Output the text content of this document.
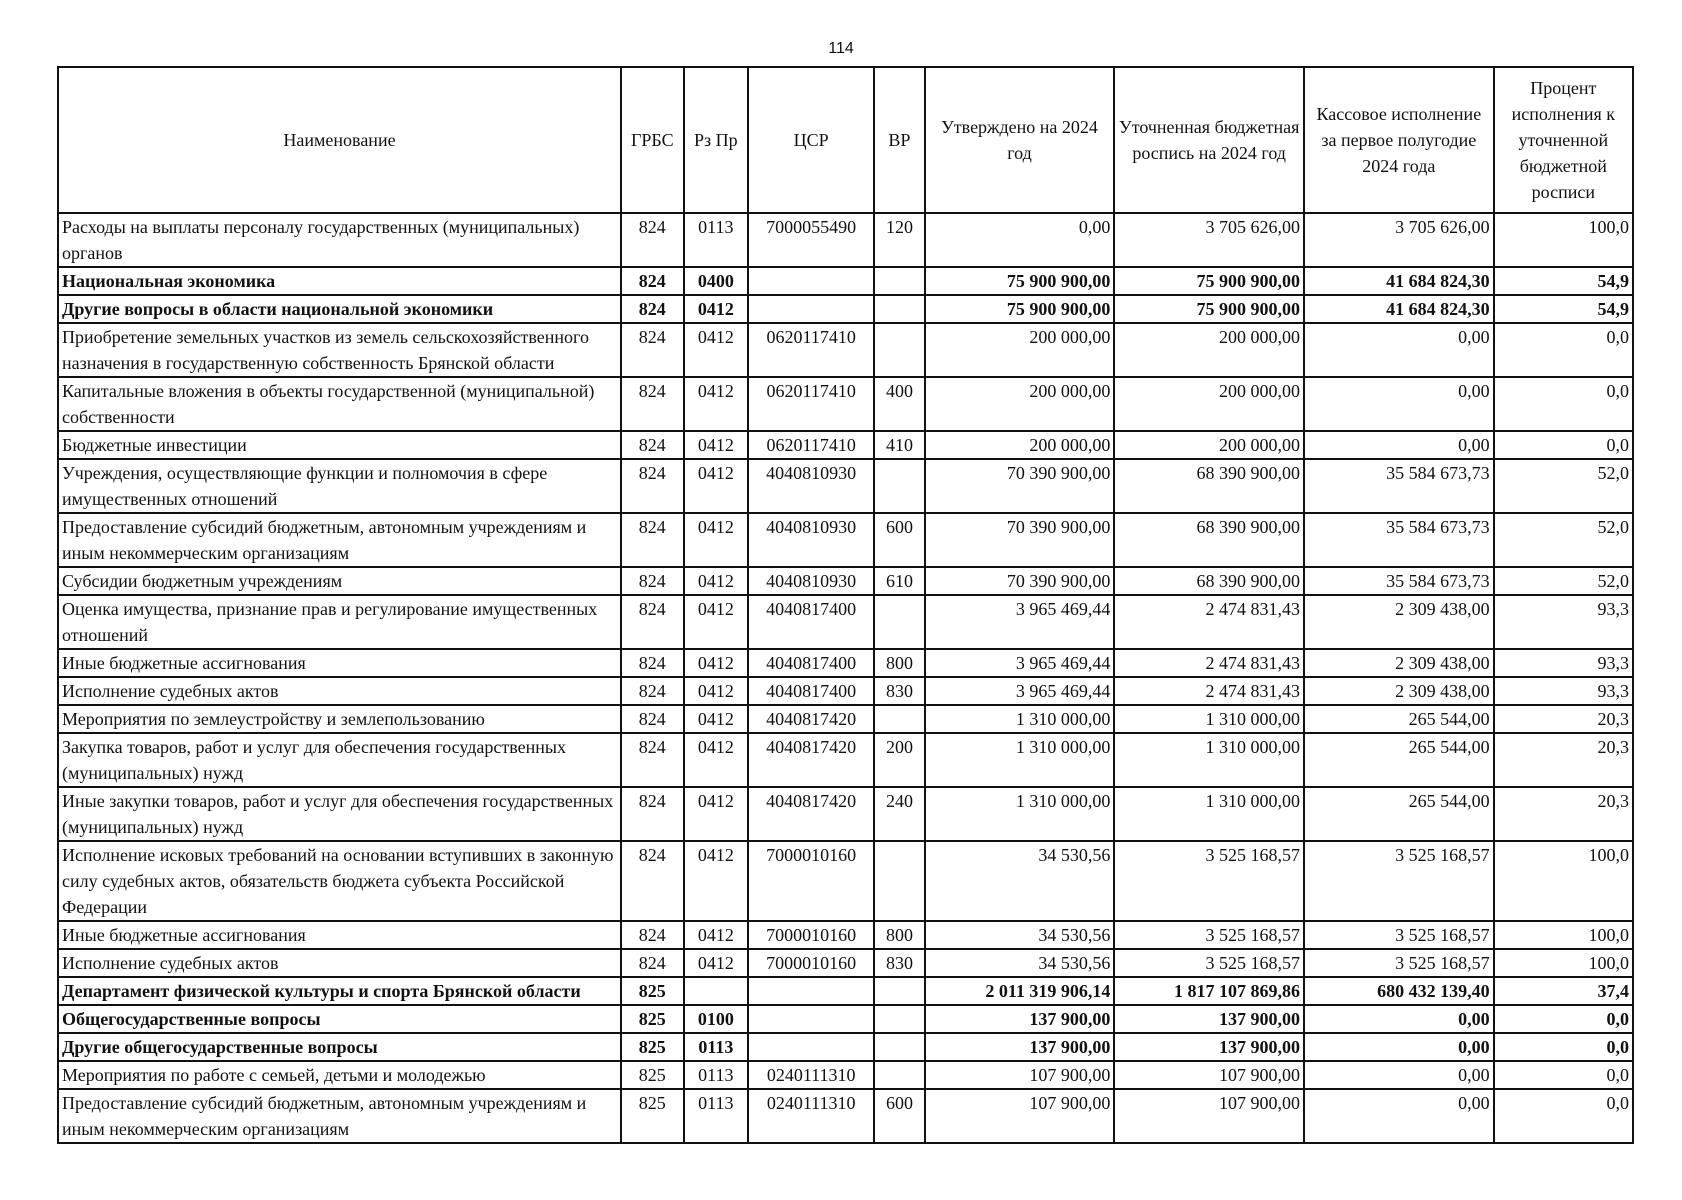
114
Наименование	ГРБС	Рз Пр	ЦСР	ВР	Утверждено на 2024 год	Уточненная бюджетная роспись на 2024 год	Кассовое исполнение за первое полугодие 2024 года	Процент исполнения к уточненной бюджетной росписи
Расходы на выплаты персоналу государственных (муниципальных) органов	824	0113	7000055490	120	0,00	3 705 626,00	3 705 626,00	100,0
Национальная экономика	824	0400			75 900 900,00	75 900 900,00	41 684 824,30	54,9
Другие вопросы в области национальной экономики	824	0412			75 900 900,00	75 900 900,00	41 684 824,30	54,9
Приобретение земельных участков из земель сельскохозяйственного назначения в государственную собственность Брянской области	824	0412	0620117410		200 000,00	200 000,00	0,00	0,0
Капитальные вложения в объекты государственной (муниципальной) собственности	824	0412	0620117410	400	200 000,00	200 000,00	0,00	0,0
Бюджетные инвестиции	824	0412	0620117410	410	200 000,00	200 000,00	0,00	0,0
Учреждения, осуществляющие функции и полномочия в сфере имущественных отношений	824	0412	4040810930		70 390 900,00	68 390 900,00	35 584 673,73	52,0
Предоставление субсидий бюджетным, автономным учреждениям и иным некоммерческим организациям	824	0412	4040810930	600	70 390 900,00	68 390 900,00	35 584 673,73	52,0
Субсидии бюджетным учреждениям	824	0412	4040810930	610	70 390 900,00	68 390 900,00	35 584 673,73	52,0
Оценка имущества, признание прав и регулирование имущественных отношений	824	0412	4040817400		3 965 469,44	2 474 831,43	2 309 438,00	93,3
Иные бюджетные ассигнования	824	0412	4040817400	800	3 965 469,44	2 474 831,43	2 309 438,00	93,3
Исполнение судебных актов	824	0412	4040817400	830	3 965 469,44	2 474 831,43	2 309 438,00	93,3
Мероприятия по землеустройству и землепользованию	824	0412	4040817420		1 310 000,00	1 310 000,00	265 544,00	20,3
Закупка товаров, работ и услуг для обеспечения государственных (муниципальных) нужд	824	0412	4040817420	200	1 310 000,00	1 310 000,00	265 544,00	20,3
Иные закупки товаров, работ и услуг для обеспечения государственных (муниципальных) нужд	824	0412	4040817420	240	1 310 000,00	1 310 000,00	265 544,00	20,3
Исполнение исковых требований на основании вступивших в законную силу судебных актов, обязательств бюджета субъекта Российской Федерации	824	0412	7000010160		34 530,56	3 525 168,57	3 525 168,57	100,0
Иные бюджетные ассигнования	824	0412	7000010160	800	34 530,56	3 525 168,57	3 525 168,57	100,0
Исполнение судебных актов	824	0412	7000010160	830	34 530,56	3 525 168,57	3 525 168,57	100,0
Департамент физической культуры и спорта Брянской области	825				2 011 319 906,14	1 817 107 869,86	680 432 139,40	37,4
Общегосударственные вопросы	825	0100			137 900,00	137 900,00	0,00	0,0
Другие общегосударственные вопросы	825	0113			137 900,00	137 900,00	0,00	0,0
Мероприятия по работе с семьей, детьми и молодежью	825	0113	0240111310		107 900,00	107 900,00	0,00	0,0
Предоставление субсидий бюджетным, автономным учреждениям и иным некоммерческим организациям	825	0113	0240111310	600	107 900,00	107 900,00	0,00	0,0
